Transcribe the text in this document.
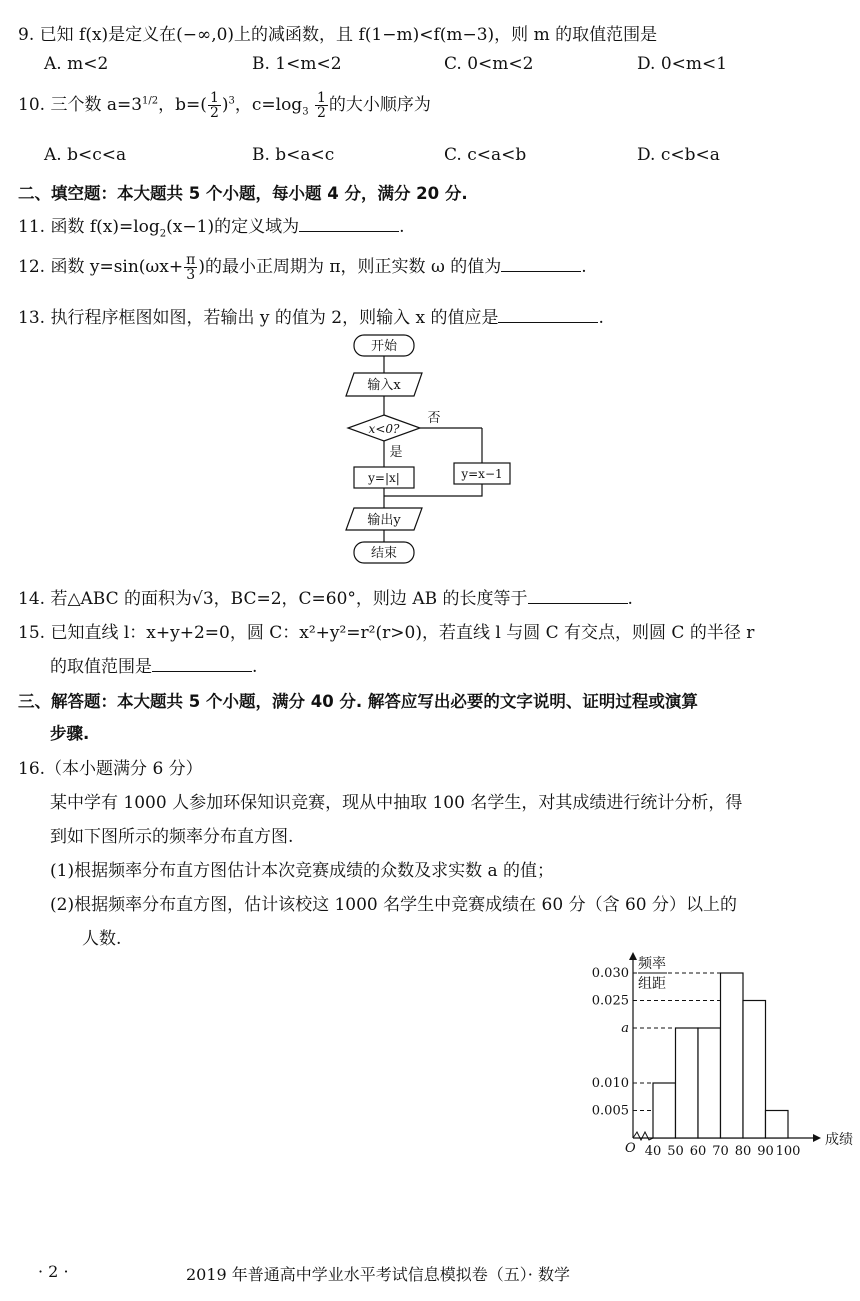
9. 已知 f(x)是定义在(−∞,0)上的减函数，且 f(1−m)<f(m−3)，则 m 的取值范围是
A. m<2	B. 1<m<2	C. 0<m<2	D. 0<m<1
10. 三个数 $a=3^{1/2}$，$b=( \frac{1}{2} )^3$，$c=\log_3 \frac{1}{2}$ 的大小顺序为
A. b<c<a	B. b<a<c	C. c<a<b	D. c<b<a
二、填空题：本大题共 5 个小题，每小题 4 分，满分 20 分.
11. 函数 $f(x)=\log_2(x-1)$的定义域为	.
12. 函数 $y=\sin(\omega x+ \frac{\pi}{3}$ )的最小正周期为 π，则正实数 ω 的值为	.
13. 执行程序框图如图，若输出 y 的值为 2，则输入 x 的值应是	.
开始
输入x
x<0?
否
是
y=|x|	y=x−1
输出y
结束
14. 若△ABC 的面积为√3，BC=2，C=60°，则边 AB 的长度等于	.
15. 已知直线 l：x+y+2=0，圆 C：x²+y²=r²(r>0)，若直线 l 与圆 C 有交点，则圆 C 的半径 r
的取值范围是	.
三、解答题：本大题共 5 个小题，满分 40 分. 解答应写出必要的文字说明、证明过程或演算
步骤.
16.（本小题满分 6 分）
某中学有 1000 人参加环保知识竞赛，现从中抽取 100 名学生，对其成绩进行统计分析，得
到如下图所示的频率分布直方图.
(1)根据频率分布直方图估计本次竞赛成绩的众数及求实数 a 的值；
(2)根据频率分布直方图，估计该校这 1000 名学生中竞赛成绩在 60 分（含 60 分）以上的
人数.
0.030
0.025
a
0.010
0.005
40 50 60 70 80 90 100
O
成绩
频率
组距
· 2 ·	2019 年普通高中学业水平考试信息模拟卷（五）· 数学
